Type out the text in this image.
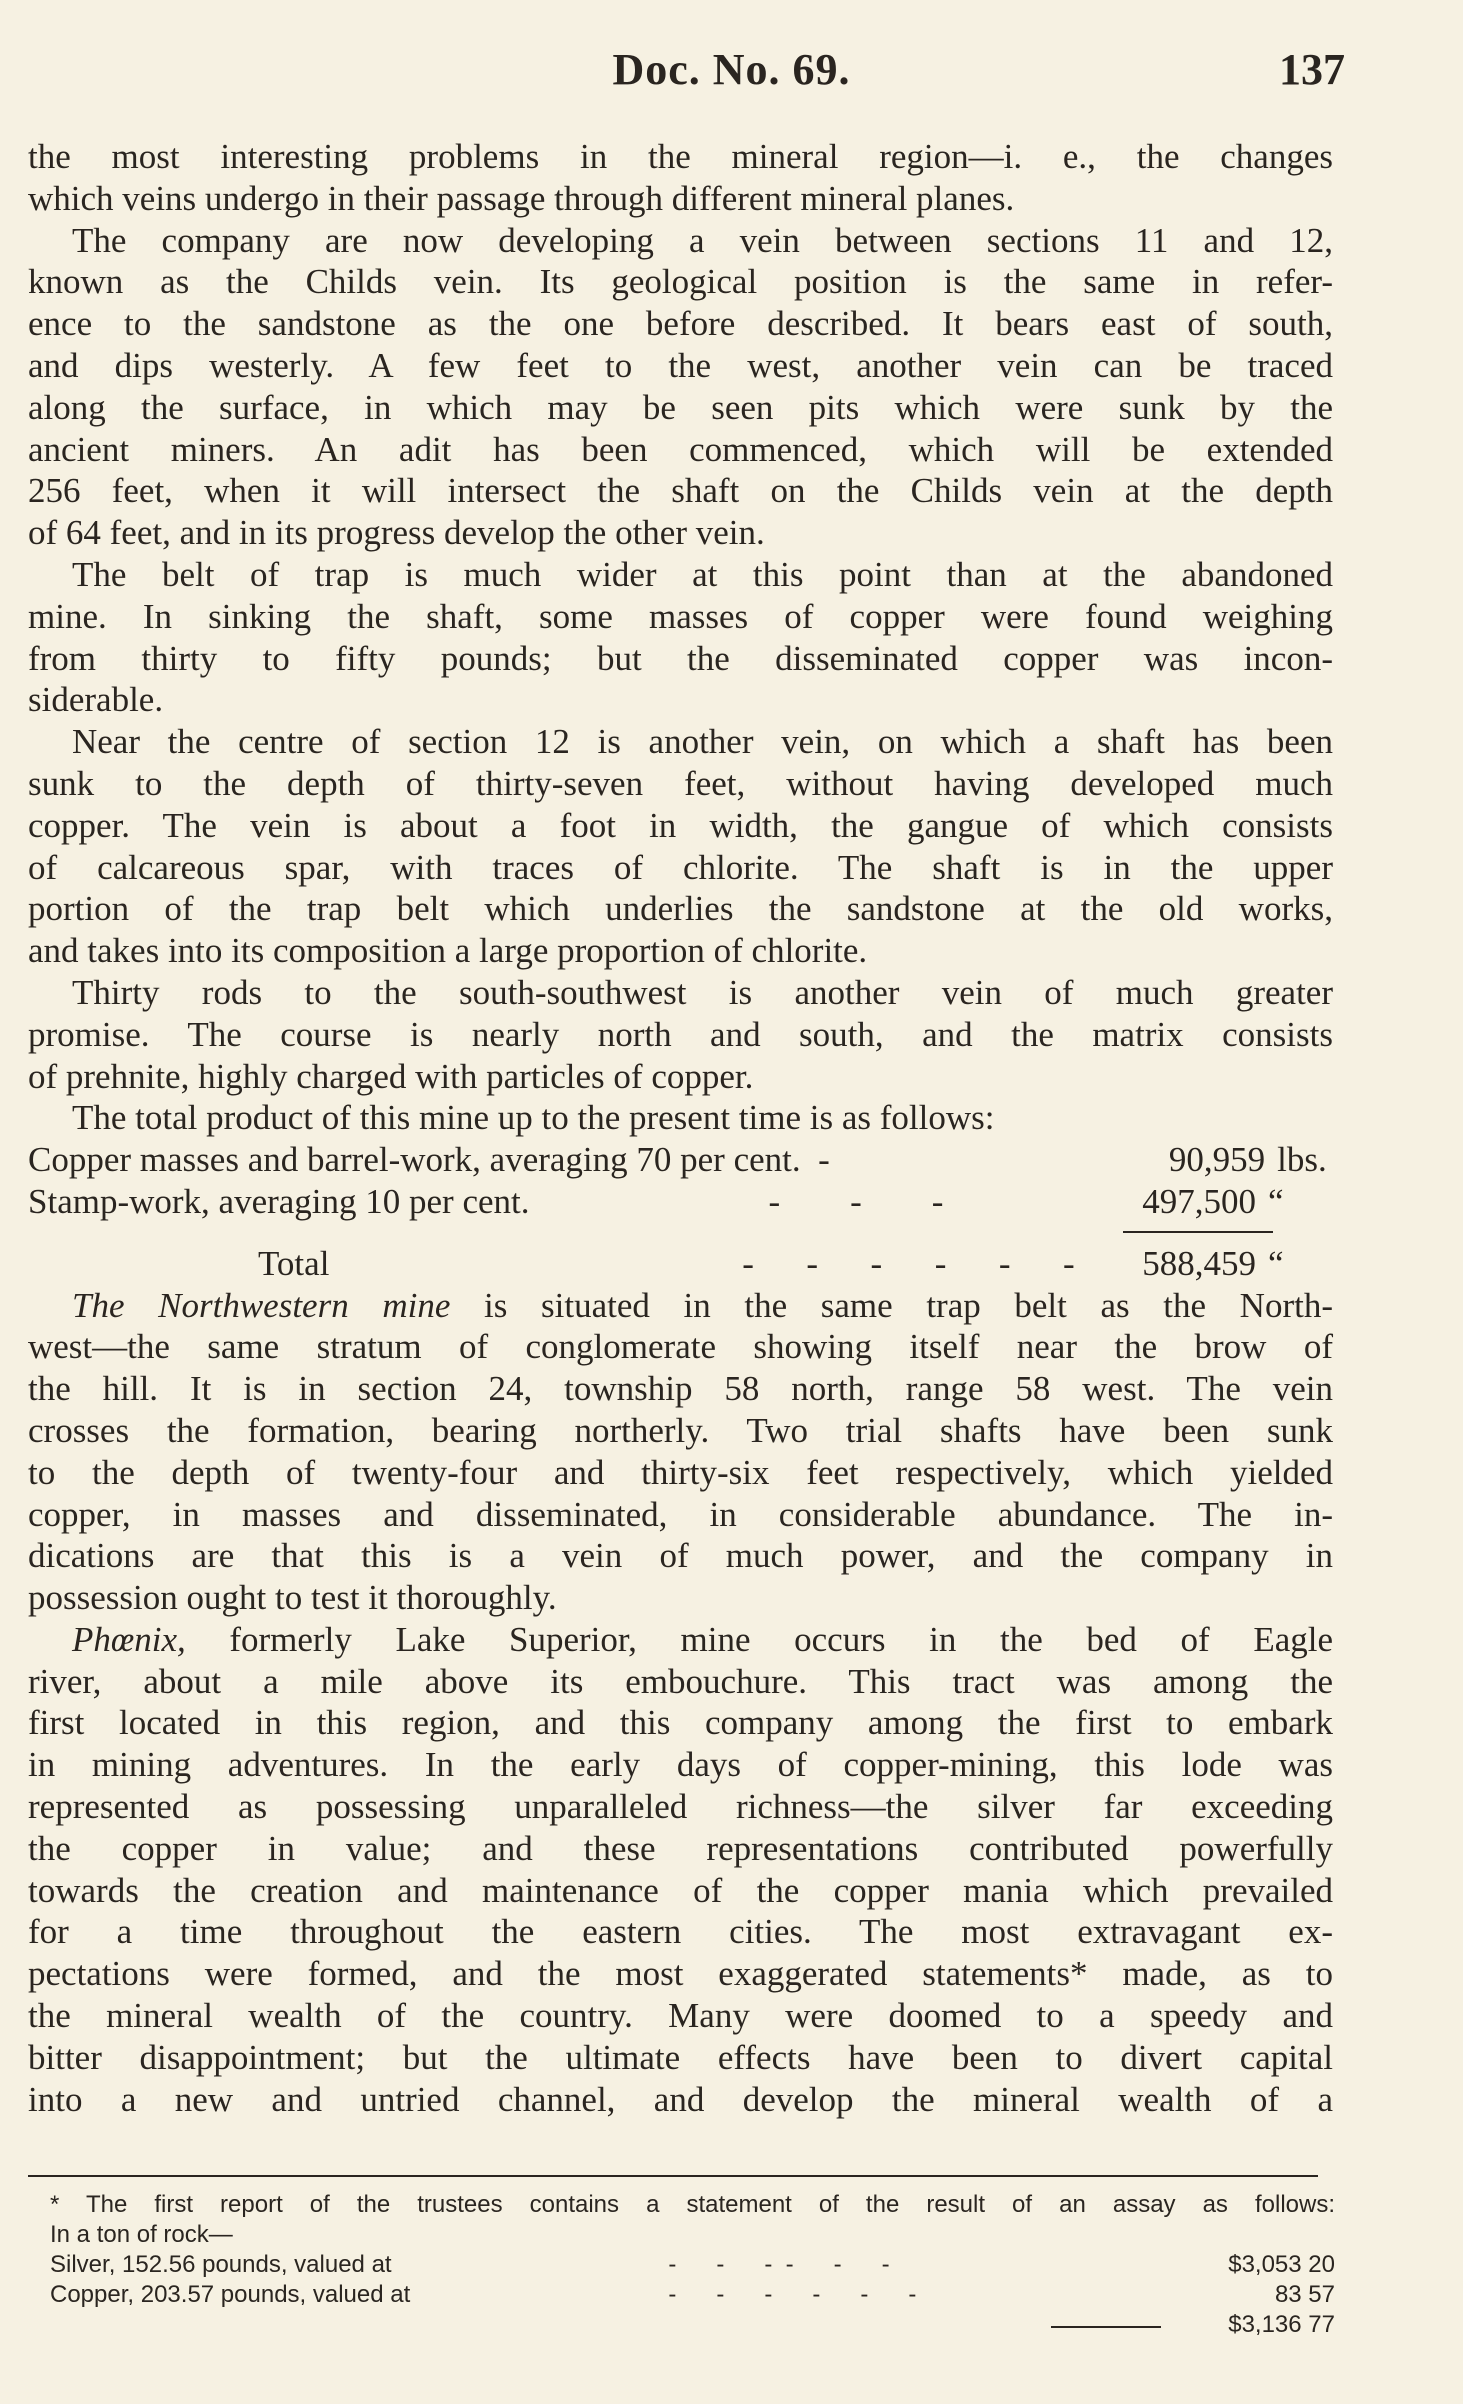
Doc. No. 69.	137
the most interesting problems in the mineral region—i. e., the changes
which veins undergo in their passage through different mineral planes.
The company are now developing a vein between sections 11 and 12,
known as the Childs vein. Its geological position is the same in refer-
ence to the sandstone as the one before described. It bears east of south,
and dips westerly. A few feet to the west, another vein can be traced
along the surface, in which may be seen pits which were sunk by the
ancient miners. An adit has been commenced, which will be extended
256 feet, when it will intersect the shaft on the Childs vein at the depth
of 64 feet, and in its progress develop the other vein.
The belt of trap is much wider at this point than at the abandoned
mine. In sinking the shaft, some masses of copper were found weighing
from thirty to fifty pounds; but the disseminated copper was incon-
siderable.
Near the centre of section 12 is another vein, on which a shaft has been
sunk to the depth of thirty-seven feet, without having developed much
copper. The vein is about a foot in width, the gangue of which consists
of calcareous spar, with traces of chlorite. The shaft is in the upper
portion of the trap belt which underlies the sandstone at the old works,
and takes into its composition a large proportion of chlorite.
Thirty rods to the south-southwest is another vein of much greater
promise. The course is nearly north and south, and the matrix consists
of prehnite, highly charged with particles of copper.
The total product of this mine up to the present time is as follows:
Copper masses and barrel-work, averaging 70 per cent. -	90,959 lbs.
Stamp-work, averaging 10 per cent.	-        -        -	497,500 “
Total	-      -      -      -      -      -	588,459 “
The Northwestern mine is situated in the same trap belt as the North-
west—the same stratum of conglomerate showing itself near the brow of
the hill. It is in section 24, township 58 north, range 58 west. The vein
crosses the formation, bearing northerly. Two trial shafts have been sunk
to the depth of twenty-four and thirty-six feet respectively, which yielded
copper, in masses and disseminated, in considerable abundance. The in-
dications are that this is a vein of much power, and the company in
possession ought to test it thoroughly.
Phœnix, formerly Lake Superior, mine occurs in the bed of Eagle
river, about a mile above its embouchure. This tract was among the
first located in this region, and this company among the first to embark
in mining adventures. In the early days of copper-mining, this lode was
represented as possessing unparalleled richness—the silver far exceeding
the copper in value; and these representations contributed powerfully
towards the creation and maintenance of the copper mania which prevailed
for a time throughout the eastern cities. The most extravagant ex-
pectations were formed, and the most exaggerated statements* made, as to
the mineral wealth of the country. Many were doomed to a speedy and
bitter disappointment; but the ultimate effects have been to divert capital
into a new and untried channel, and develop the mineral wealth of a
* The first report of the trustees contains a statement of the result of an assay as follows:
In a ton of rock—
Silver, 152.56 pounds, valued at	-      -      -  -      -      -	$3,053 20
Copper, 203.57 pounds, valued at	-      -      -      -      -      -	83 57
$3,136 77
